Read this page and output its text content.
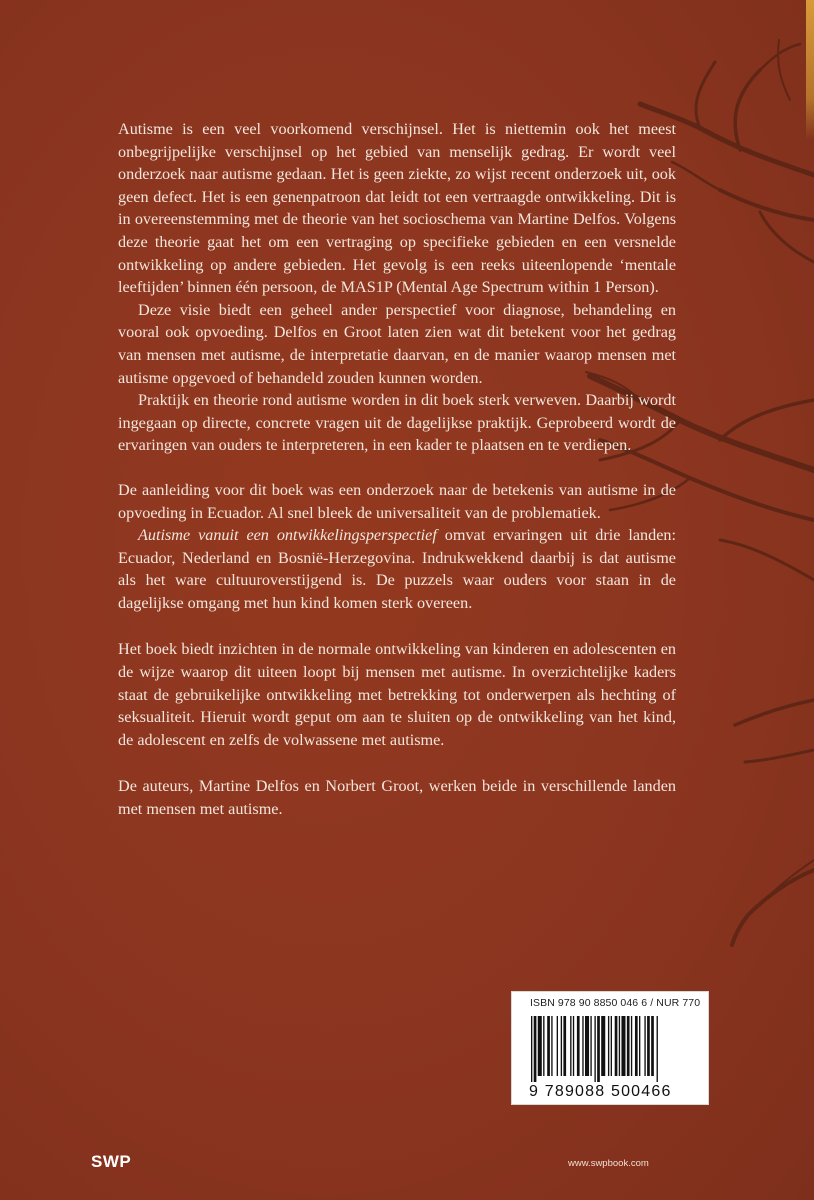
Autisme is een veel voorkomend verschijnsel. Het is niettemin ook het meest onbegrijpelijke verschijnsel op het gebied van menselijk gedrag. Er wordt veel onderzoek naar autisme gedaan. Het is geen ziekte, zo wijst recent onderzoek uit, ook geen defect. Het is een genenpatroon dat leidt tot een vertraagde ontwikkeling. Dit is in overeenstemming met de theorie van het socioschema van Martine Delfos. Volgens deze theorie gaat het om een vertraging op specifieke gebieden en een versnelde ontwikkeling op andere gebieden. Het gevolg is een reeks uiteenlopende ‘mentale leeftijden’ binnen één persoon, de MAS1P (Mental Age Spectrum within 1 Person).

Deze visie biedt een geheel ander perspectief voor diagnose, behandeling en vooral ook opvoeding. Delfos en Groot laten zien wat dit betekent voor het gedrag van mensen met autisme, de interpretatie daarvan, en de manier waarop mensen met autisme opgevoed of behandeld zouden kunnen worden.

Praktijk en theorie rond autisme worden in dit boek sterk verweven. Daarbij wordt ingegaan op directe, concrete vragen uit de dagelijkse praktijk. Geprobeerd wordt de ervaringen van ouders te interpreteren, in een kader te plaatsen en te verdiepen.

De aanleiding voor dit boek was een onderzoek naar de betekenis van autisme in de opvoeding in Ecuador. Al snel bleek de universaliteit van de problematiek.

Autisme vanuit een ontwikkelingsperspectief omvat ervaringen uit drie landen: Ecuador, Nederland en Bosnië-Herzegovina. Indrukwekkend daarbij is dat autisme als het ware cultuuroverstijgend is. De puzzels waar ouders voor staan in de dagelijkse omgang met hun kind komen sterk overeen.

Het boek biedt inzichten in de normale ontwikkeling van kinderen en adolescenten en de wijze waarop dit uiteen loopt bij mensen met autisme. In overzichtelijke kaders staat de gebruikelijke ontwikkeling met betrekking tot onderwerpen als hechting of seksualiteit. Hieruit wordt geput om aan te sluiten op de ontwikkeling van het kind, de adolescent en zelfs de volwassene met autisme.

De auteurs, Martine Delfos en Norbert Groot, werken beide in verschillende landen met mensen met autisme.

ISBN 978 90 8850 046 6 / NUR 770
9 789088 500466
SWP	www.swpbook.com
